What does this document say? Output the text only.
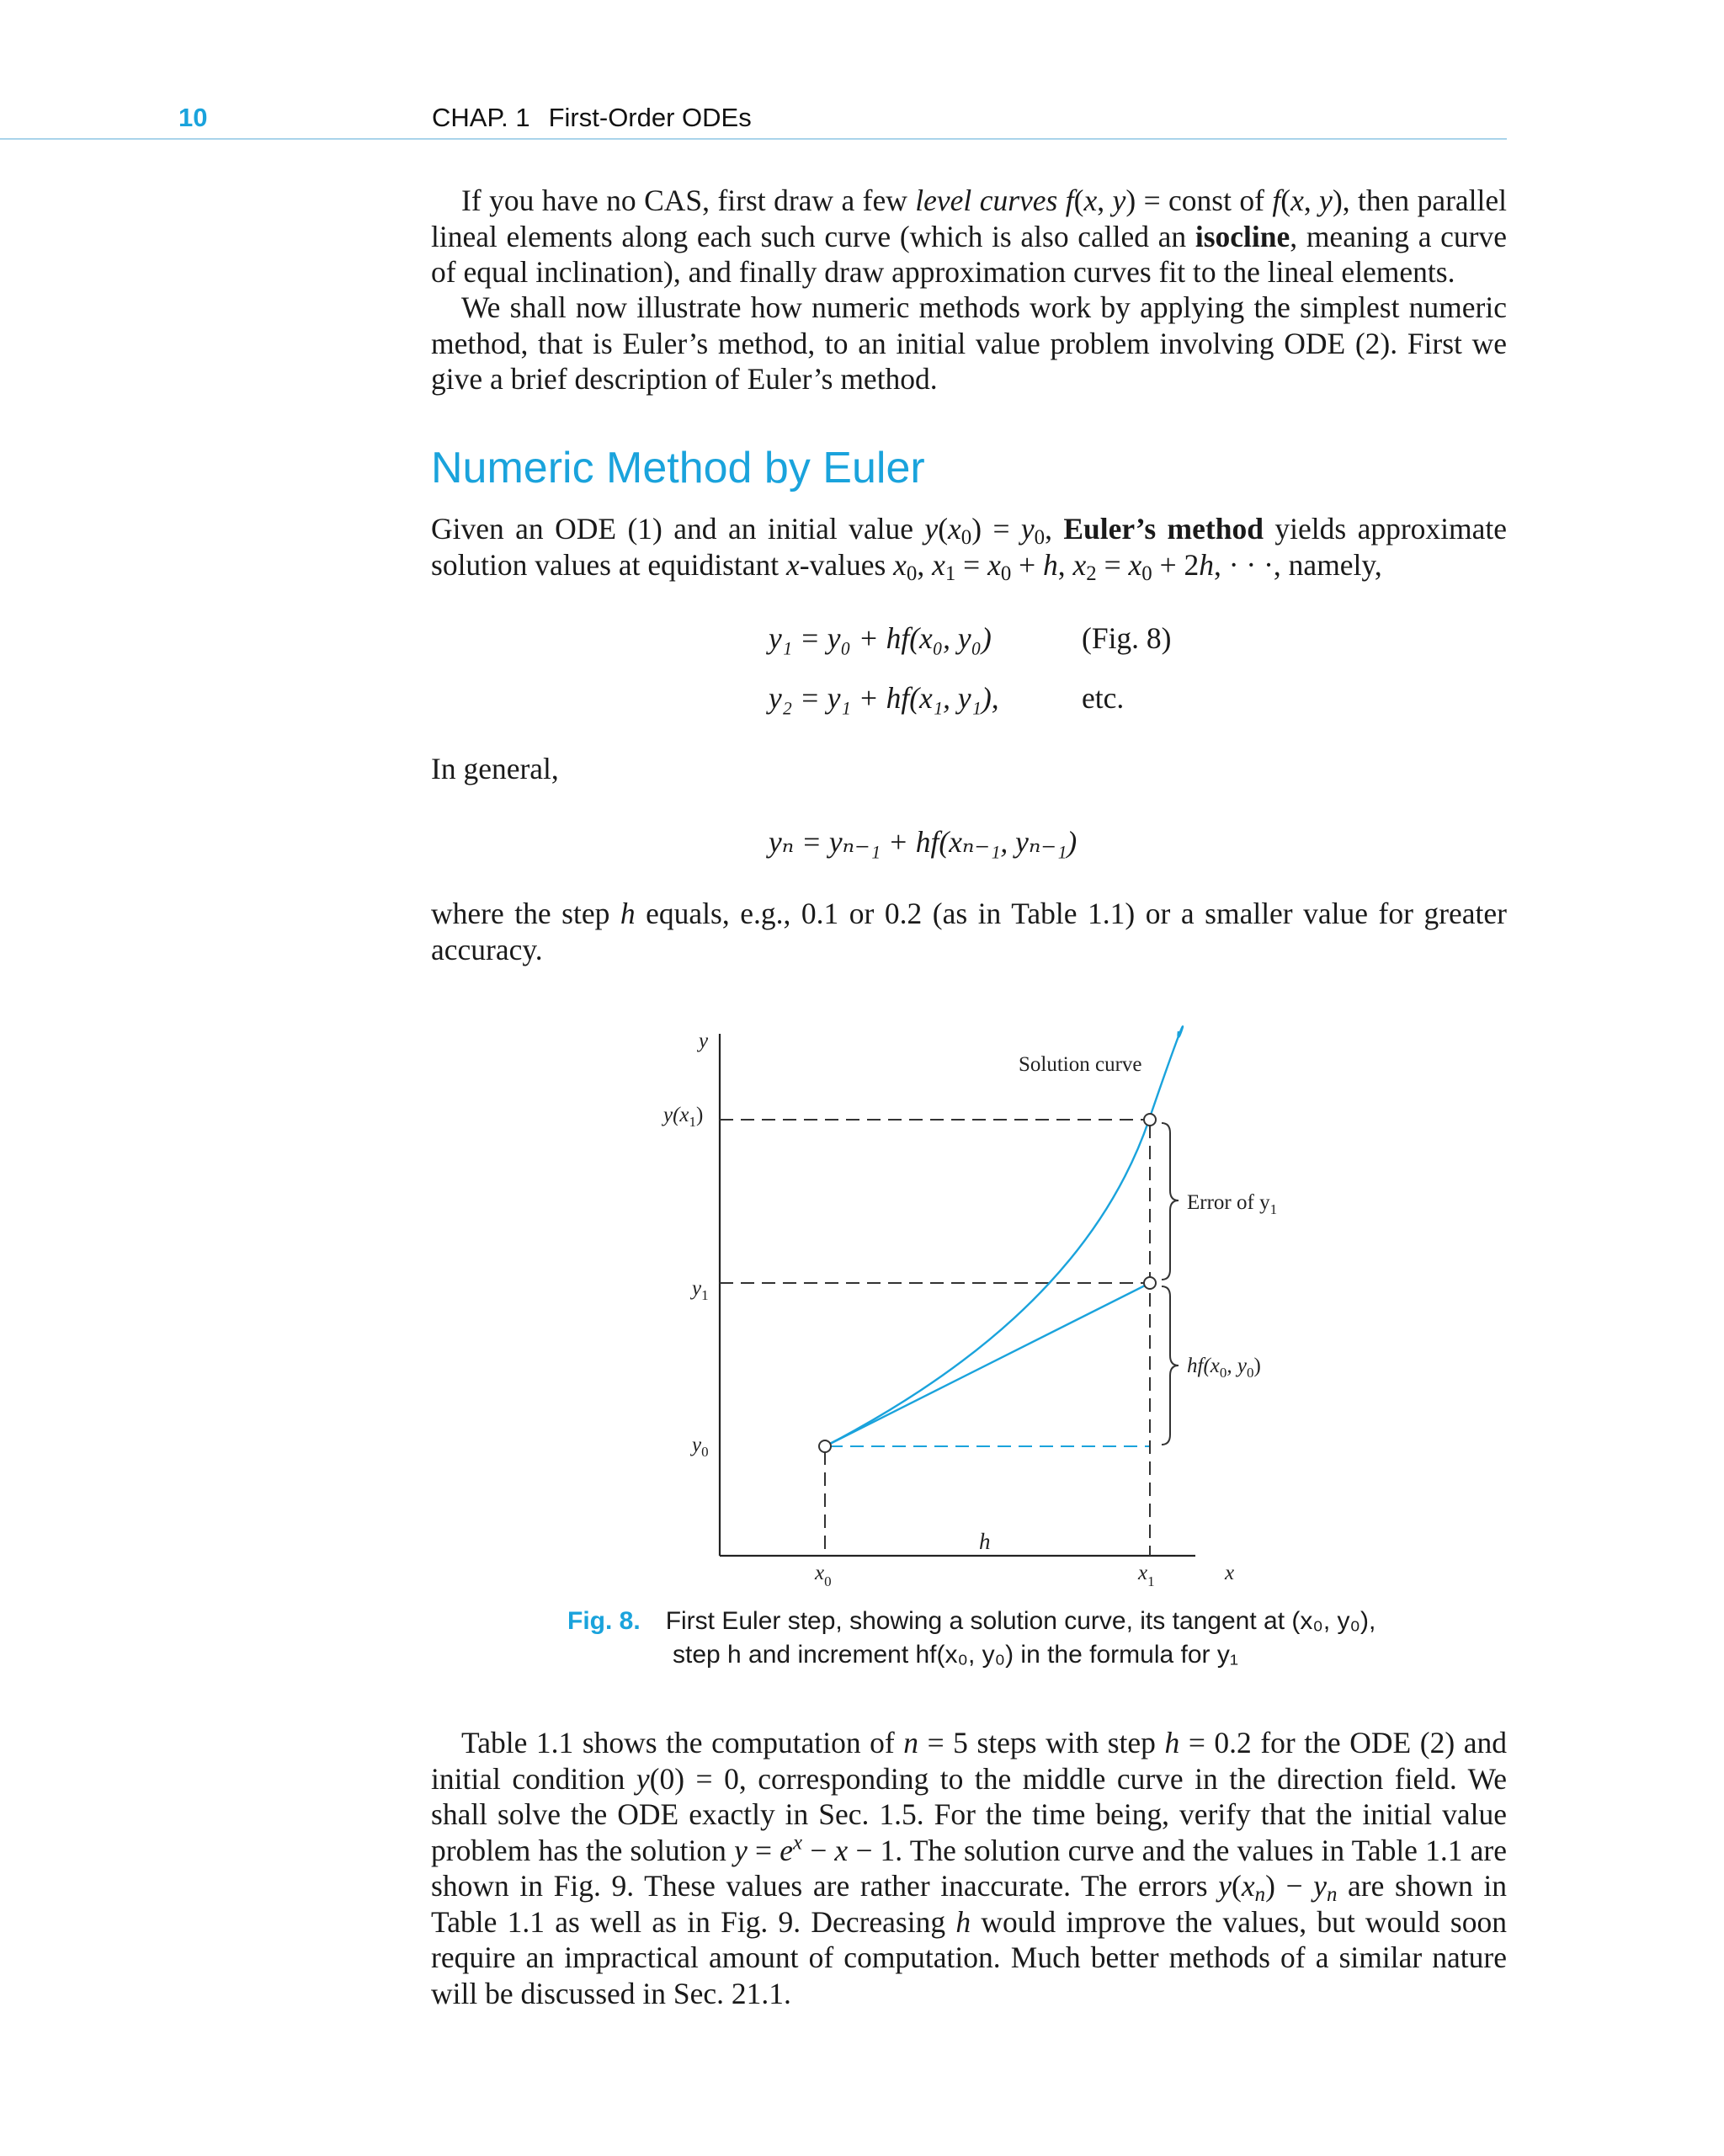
10	CHAP. 1 First-Order ODEs

If you have no CAS, first draw a few level curves f(x, y) = const of f(x, y), then parallel lineal elements along each such curve (which is also called an isocline, meaning a curve of equal inclination), and finally draw approximation curves fit to the lineal elements.

We shall now illustrate how numeric methods work by applying the simplest numeric method, that is Euler’s method, to an initial value problem involving ODE (2). First we give a brief description of Euler’s method.

Numeric Method by Euler

Given an ODE (1) and an initial value $y(x_0) = y_0$, Euler’s method yields approximate solution values at equidistant x-values $x_0$, $x_1 = x_0 + h$, $x_2 = x_0 + 2h$, · · ·, namely,

y₁ = y₀ + hf(x₀, y₀)	(Fig. 8)
y₂ = y₁ + hf(x₁, y₁),	etc.
In general,
yₙ = yₙ₋₁ + hf(xₙ₋₁, yₙ₋₁)

where the step h equals, e.g., 0.1 or 0.2 (as in Table 1.1) or a smaller value for greater accuracy.

y
x
$y(x_1)$
$y_1$
$y_0$
$x_0$	$x_1$
h
Solution curve
Error of $y_1$
$hf(x_0$, $y_0$)
Fig. 8. First Euler step, showing a solution curve, its tangent at (x₀, y₀),
step h and increment hf(x₀, y₀) in the formula for y₁

Table 1.1 shows the computation of n = 5 steps with step h = 0.2 for the ODE (2) and initial condition y(0) = 0, corresponding to the middle curve in the direction field. We shall solve the ODE exactly in Sec. 1.5. For the time being, verify that the initial value problem has the solution $y = e^x - x - 1$. The solution curve and the values in Table 1.1 are shown in Fig. 9. These values are rather inaccurate. The errors $y(x_n) - y_n$ are shown in Table 1.1 as well as in Fig. 9. Decreasing h would improve the values, but would soon require an impractical amount of computation. Much better methods of a similar nature will be discussed in Sec. 21.1.
